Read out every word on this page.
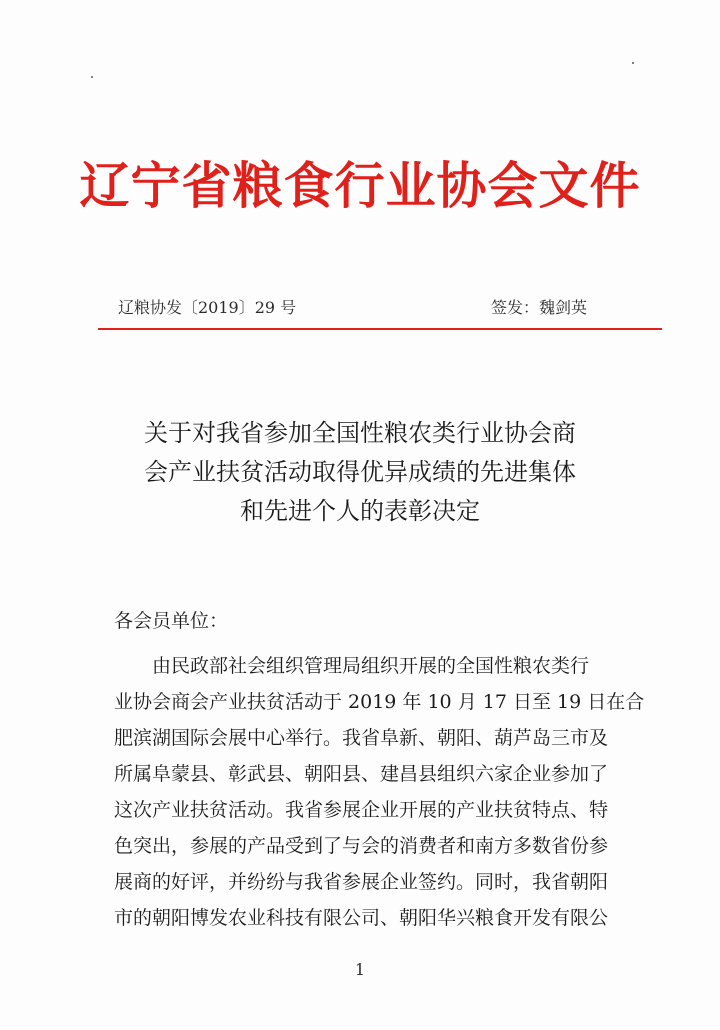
辽宁省粮食行业协会文件
辽粮协发〔2019〕29 号	签发：魏剑英
关于对我省参加全国性粮农类行业协会商
会产业扶贫活动取得优异成绩的先进集体
和先进个人的表彰决定
各会员单位：
由民政部社会组织管理局组织开展的全国性粮农类行
业协会商会产业扶贫活动于 2019 年 10 月 17 日至 19 日在合
肥滨湖国际会展中心举行。我省阜新、朝阳、葫芦岛三市及
所属阜蒙县、彰武县、朝阳县、建昌县组织六家企业参加了
这次产业扶贫活动。我省参展企业开展的产业扶贫特点、特
色突出，参展的产品受到了与会的消费者和南方多数省份参
展商的好评，并纷纷与我省参展企业签约。同时，我省朝阳
市的朝阳博发农业科技有限公司、朝阳华兴粮食开发有限公
1
